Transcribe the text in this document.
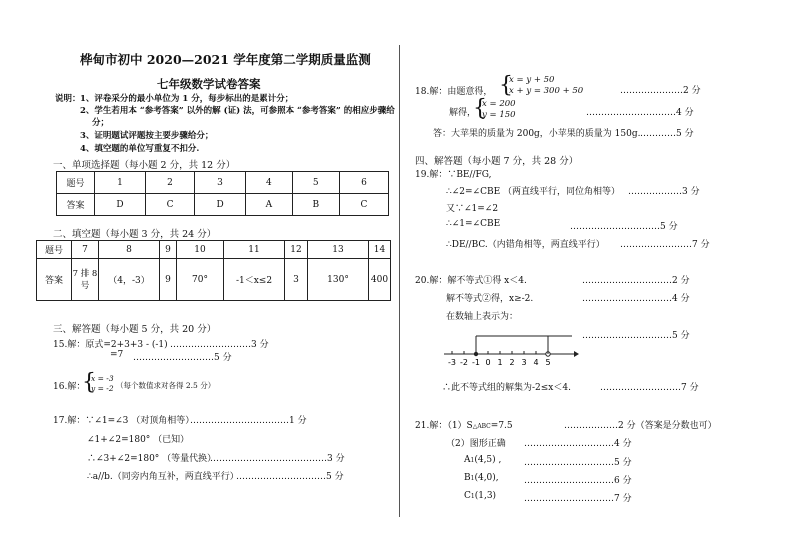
桦甸市初中 2020—2021 学年度第二学期质量监测
七年级数学试卷答案
说明： 1、评卷采分的最小单位为 1 分，每步标出的是累计分；
2、学生若用本 “参考答案” 以外的解 (证) 法，可参照本 “参考答案” 的相应步骤给
分；
3、证明题试评题按主要步骤给分；
4、填空题的单位写重复不扣分.
一、单项选择题（每小题 2 分，共 12 分）
题号	1	2	3	4	5	6
答案	D	C	D	A	B	C
二、填空题（每小题 3 分，共 24 分）
题号	7	8	9	10	11	12	13	14
答案	7 排 8 号	（4，-3）	9	70°	-1＜x≤2	3	130°	400
三、解答题（每小题 5 分，共 20 分）
15.解：原式=2+3+3 - (-1) ………………………3 分
=7 ………………………5 分
16.解：
{
x = -3
y = -2 （每个数值求对各得 2.5 分）
17.解：∵∠1=∠3 （对顶角相等）
……………………………1 分
∠1+∠2=180° （已知）
∴∠3+∠2=180° （等量代换）
…………………………………3 分
∴a//b.（同旁内角互补，两直线平行）
…………………………5 分
18.解：由题意得， {
x = y + 50
x + y = 300 + 50	…………………2 分
解得，
{
x = 200
y = 150	…………………………4 分
答：大苹果的质量为 200g，小苹果的质量为 150g. …………5 分
四、解答题（每小题 7 分，共 28 分）
19.解：∵BE//FG,
∴∠2=∠CBE （两直线平行，同位角相等） ………………3 分
又∵∠1=∠2
∴∠1=∠CBE	…………………………5 分
∴DE//BC.（内错角相等，两直线平行） ……………………7 分
20.解：解不等式①得 x＜4.	…………………………2 分
解不等式②得，x≥-2.	…………………………4 分
在数轴上表示为：
…………………………5 分
-3 -2 -1 0 1 2 3 4 5
∴此不等式组的解集为-2≤x＜4.	………………………7 分
21.解：（1）S△ABC=7.5	………………2 分（答案是分数也可）
（2）图形正确 …………………………4 分
A1(4,5) ,	…………………………5 分
B1(4,0),	…………………………6 分
C1(1,3)	…………………………7 分
